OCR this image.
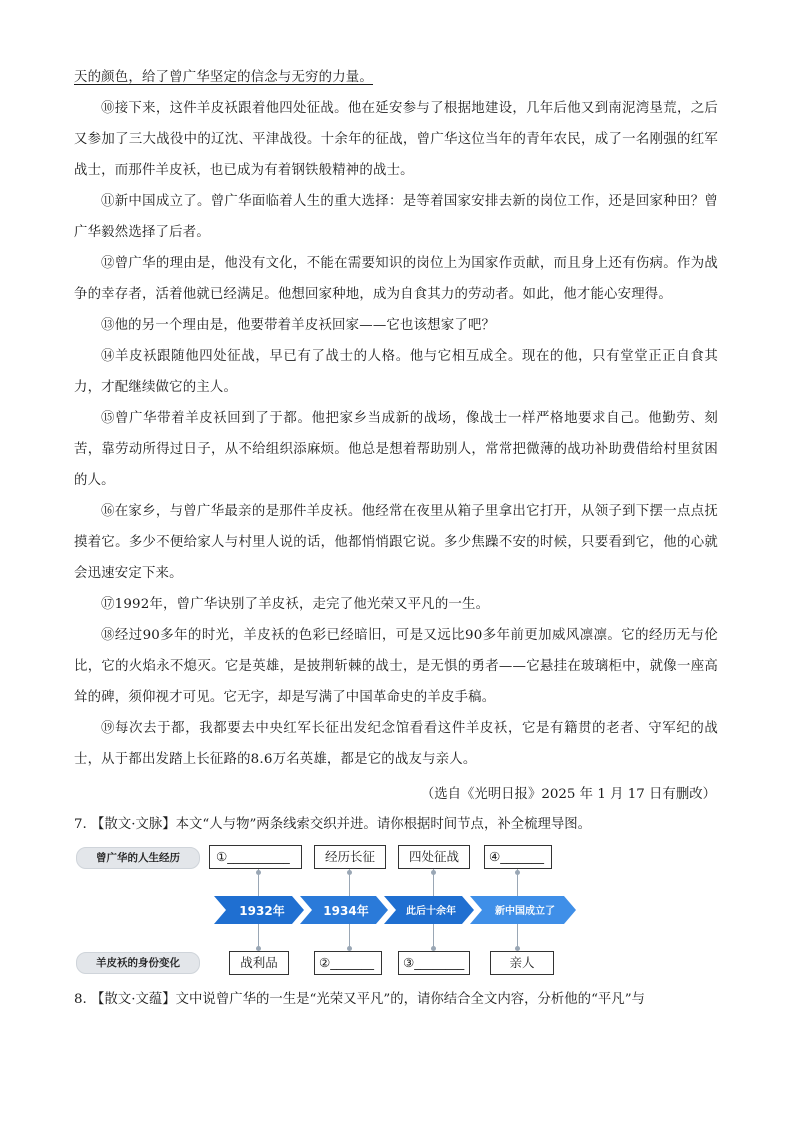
天的颜色，给了曾广华坚定的信念与无穷的力量。

⑩接下来，这件羊皮袄跟着他四处征战。他在延安参与了根据地建设，几年后他又到南泥湾垦荒，之后又参加了三大战役中的辽沈、平津战役。十余年的征战，曾广华这位当年的青年农民，成了一名刚强的红军战士，而那件羊皮袄，也已成为有着钢铁般精神的战士。

⑪新中国成立了。曾广华面临着人生的重大选择：是等着国家安排去新的岗位工作，还是回家种田？曾广华毅然选择了后者。

⑫曾广华的理由是，他没有文化，不能在需要知识的岗位上为国家作贡献，而且身上还有伤病。作为战争的幸存者，活着他就已经满足。他想回家种地，成为自食其力的劳动者。如此，他才能心安理得。

⑬他的另一个理由是，他要带着羊皮袄回家——它也该想家了吧？

⑭羊皮袄跟随他四处征战，早已有了战士的人格。他与它相互成全。现在的他，只有堂堂正正自食其力，才配继续做它的主人。

⑮曾广华带着羊皮袄回到了于都。他把家乡当成新的战场，像战士一样严格地要求自己。他勤劳、刻苦，靠劳动所得过日子，从不给组织添麻烦。他总是想着帮助别人，常常把微薄的战功补助费借给村里贫困的人。

⑯在家乡，与曾广华最亲的是那件羊皮袄。他经常在夜里从箱子里拿出它打开，从领子到下摆一点点抚摸着它。多少不便给家人与村里人说的话，他都悄悄跟它说。多少焦躁不安的时候，只要看到它，他的心就会迅速安定下来。

⑰1992年，曾广华诀别了羊皮袄，走完了他光荣又平凡的一生。

⑱经过90多年的时光，羊皮袄的色彩已经暗旧，可是又远比90多年前更加威风凛凛。它的经历无与伦比，它的火焰永不熄灭。它是英雄，是披荆斩棘的战士，是无惧的勇者——它悬挂在玻璃柜中，就像一座高耸的碑，须仰视才可见。它无字，却是写满了中国革命史的羊皮手稿。

⑲每次去于都，我都要去中央红军长征出发纪念馆看看这件羊皮袄，它是有籍贯的老者、守军纪的战士，从于都出发踏上长征路的8.6万名英雄，都是它的战友与亲人。

（选自《光明日报》2025 年 1 月 17 日有删改）
7. 【散文·文脉】本文“人与物”两条线索交织并进。请你根据时间节点，补全梳理导图。
曾广华的人生经历
羊皮袄的身份变化
①__________	经历长征	四处征战	④_______
1932年	1934年	此后十余年	新中国成立了
战利品	②_______	③________	亲人
8. 【散文·文蕴】文中说曾广华的一生是“光荣又平凡”的，请你结合全文内容，分析他的“平凡”与
